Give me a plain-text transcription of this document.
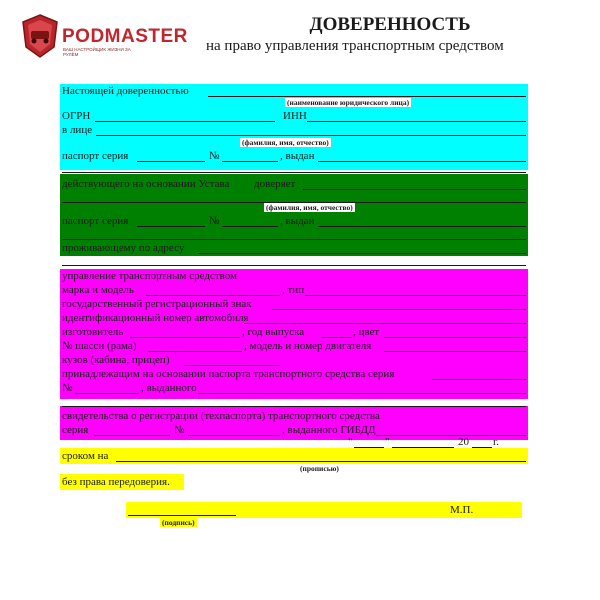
PODMASTER
ВАШ НАСТРОЙЩИК ЖИЗНИ ЗА РУЛЁМ
ДОВЕРЕННОСТЬ
на право управления транспортным средством
Настоящей доверенностью
(наименование юридического лица)
ОГРН	ИНН
в лице
(фамилия, имя, отчество)
паспорт серия	№	, выдан
действующего на основании Устава доверяет
(фамилия, имя, отчество)
паспорт серия	№	, выдан
проживающему по адресу
управление транспортным средством
марка и модель	, тип
государственный регистрационный знак
идентификационный номер автомобиля
изготовитель	, год выпуска	, цвет
№ шасси (рама)	, модель и номер двигателя
кузов (кабина, прицеп)
принадлежащим на основании паспорта транспортного средства серия
№	, выданного
свидетельства о регистрации (техпаспорта) транспортного средства
серия	№	, выданного ГИБДД
"	"	20 г.
сроком на
(прописью)
без права передоверия.
М.П.
(подпись)
